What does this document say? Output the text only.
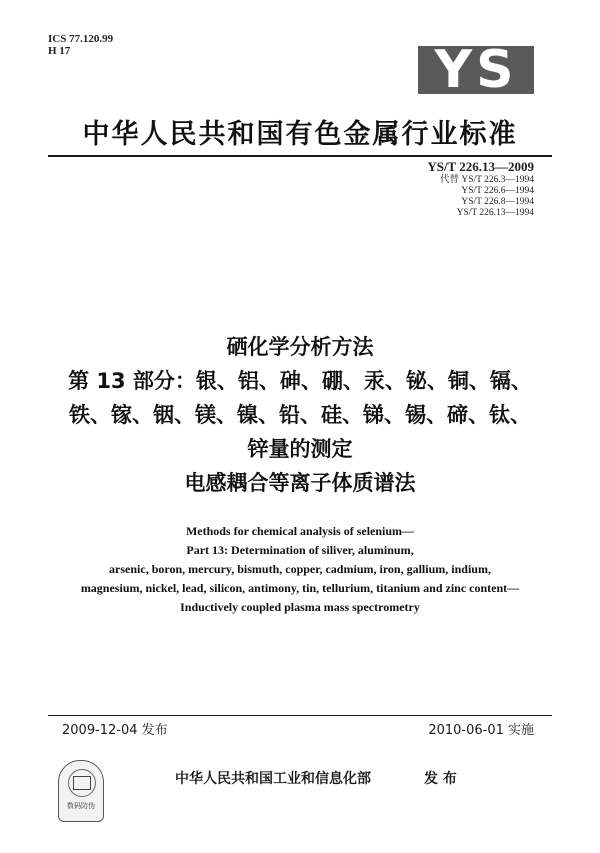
ICS 77.120.99
H 17	YS
中华人民共和国有色金属行业标准
YS/T 226.13—2009
代替 YS/T 226.3—1994
YS/T 226.6—1994
YS/T 226.8—1994
YS/T 226.13—1994
硒化学分析方法
第 13 部分：银、铝、砷、硼、汞、铋、铜、镉、
铁、镓、铟、镁、镍、铅、硅、锑、锡、碲、钛、
锌量的测定
电感耦合等离子体质谱法
Methods for chemical analysis of selenium—
Part 13: Determination of siliver, aluminum,
arsenic, boron, mercury, bismuth, copper, cadmium, iron, gallium, indium,
magnesium, nickel, lead, silicon, antimony, tin, tellurium, titanium and zinc content—
Inductively coupled plasma mass spectrometry
2009-12-04 发布	2010-06-01 实施
数码防伪
中华人民共和国工业和信息化部	发 布
